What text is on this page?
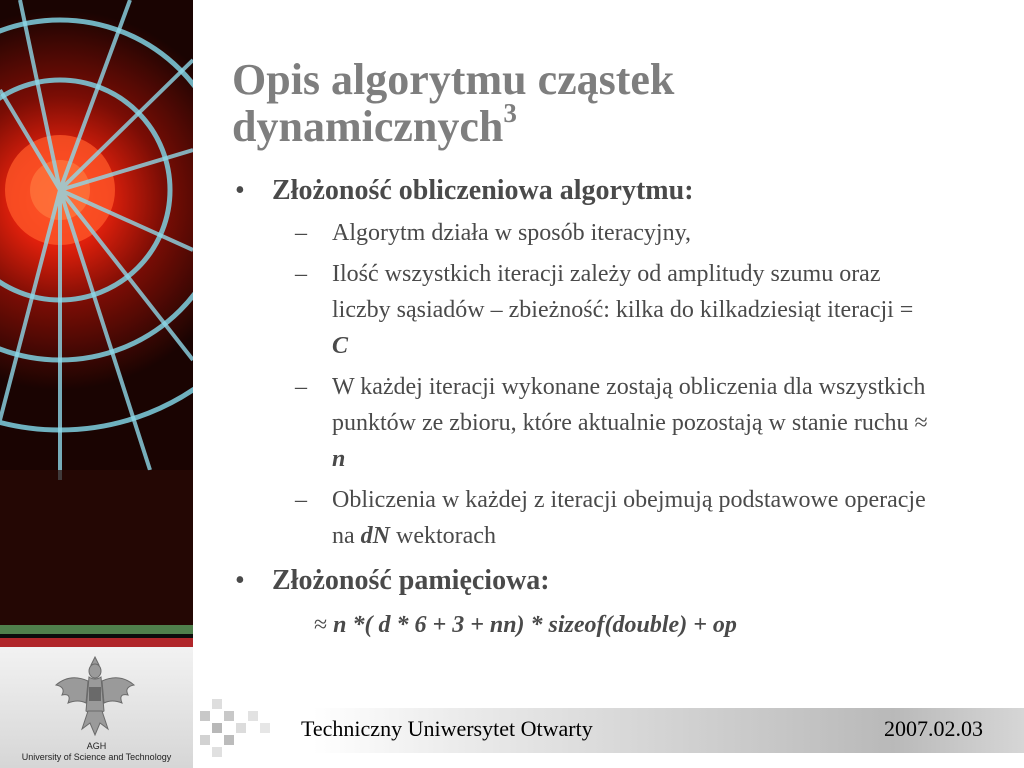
AGH
University of Science and Technology
Opis algorytmu cząstek dynamicznych$^3$
• Złożoność obliczeniowa algorytmu:
– Algorytm działa w sposób iteracyjny,
– Ilość wszystkich iteracji zależy od amplitudy szumu oraz liczby sąsiadów – zbieżność: kilka do kilkadziesiąt iteracji = C
– W każdej iteracji wykonane zostają obliczenia dla wszystkich punktów ze zbioru, które aktualnie pozostają w stanie ruchu ≈ n
– Obliczenia w każdej z iteracji obejmują podstawowe operacje na dN wektorach
• Złożoność pamięciowa:
≈ n *( d * 6 + 3 + nn) * sizeof(double) + op
Techniczny Uniwersytet Otwarty	2007.02.03
